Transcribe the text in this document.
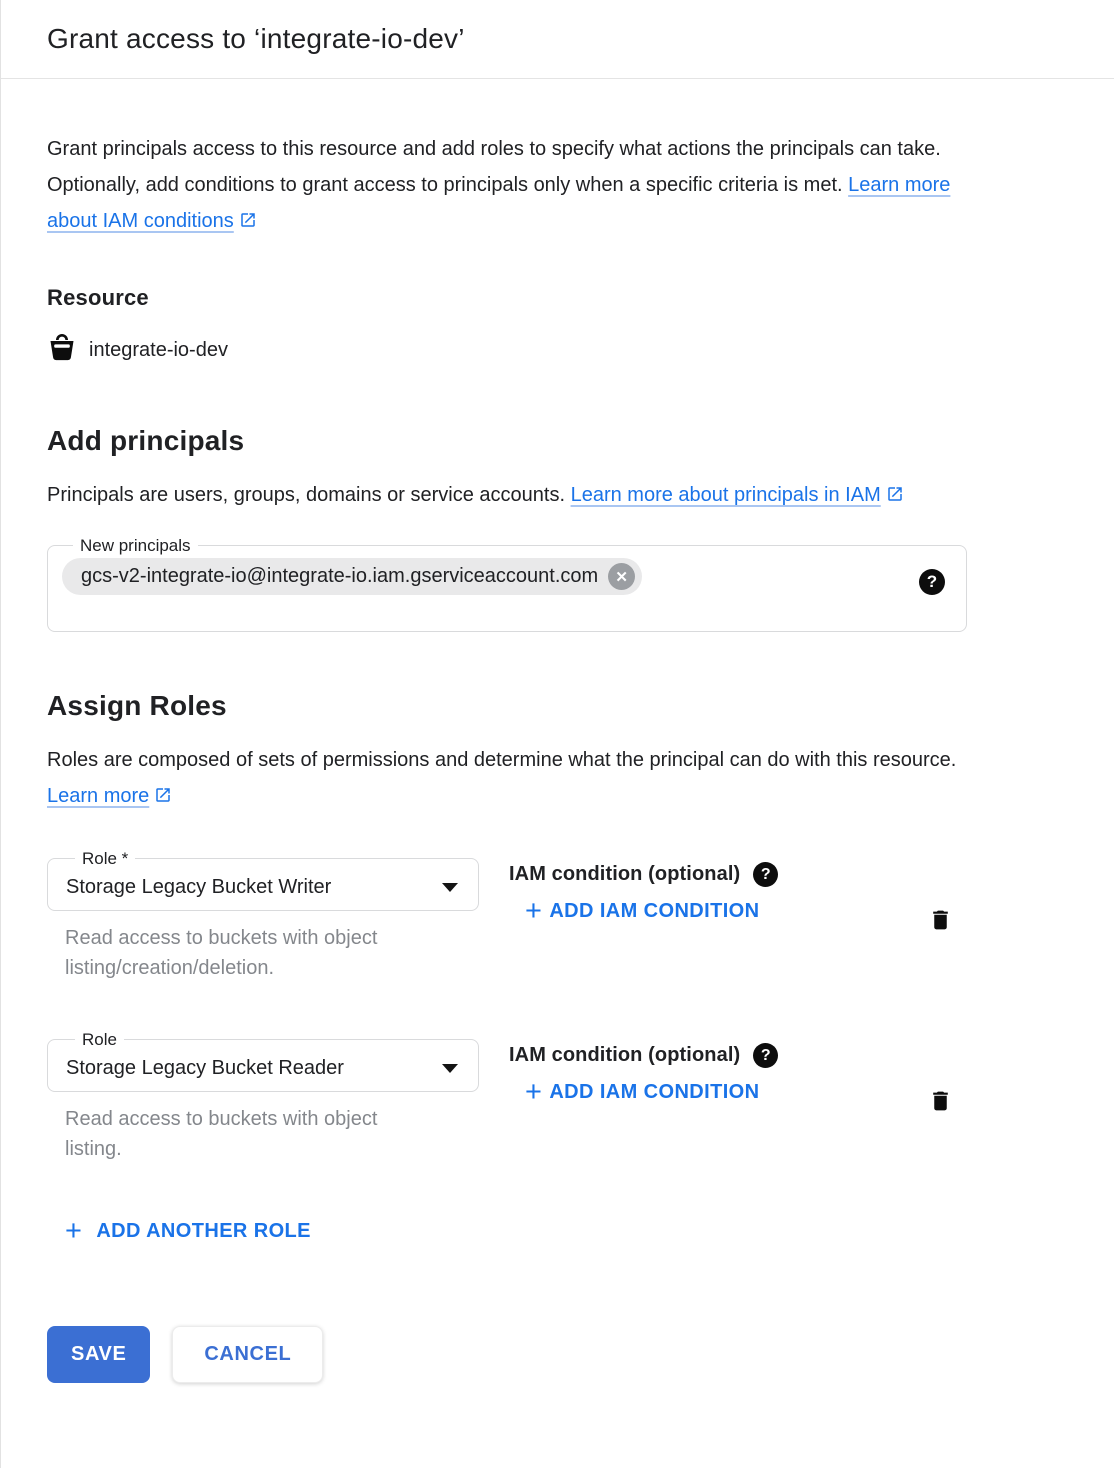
Grant access to ‘integrate-io-dev’

Grant principals access to this resource and add roles to specify what actions the principals can take. Optionally, add conditions to grant access to principals only when a specific criteria is met. Learn more about IAM conditions

Resource
integrate-io-dev
Add principals

Principals are users, groups, domains or service accounts. Learn more about principals in IAM

New principals
gcs-v2-integrate-io@integrate-io.iam.gserviceaccount.com	✕	?
Assign Roles

Roles are composed of sets of permissions and determine what the principal can do with this resource. Learn more

Role *
Storage Legacy Bucket Writer
Read access to buckets with object listing/creation/deletion.
IAM condition (optional)	?
+ ADD IAM CONDITION
Role
Storage Legacy Bucket Reader
Read access to buckets with object listing.
IAM condition (optional)	?
+ ADD IAM CONDITION
+ ADD ANOTHER ROLE
SAVE	CANCEL
